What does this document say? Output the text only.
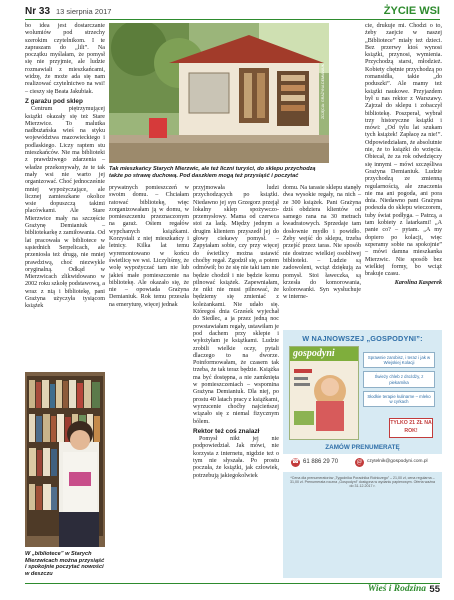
Nr 33 13 sierpnia 2017	ŻYCIE WSI

bo idea jest dostarczanie wolumiów pod strzechy szerokim czytelnikom. I te zapraszam do „lili”. Na początku myślałam, że pomysł się nie przyjmie, ale ludzie rozmawiali z mieszkańcami, widzę, że może ada się nam realizować czytelnictwo na wsi! – cieszy się Beata Jakubiak.

Z garażu pod sklep

Centrum piętrzymującej książki okazały się też Stare Mierzwice. To malutka nadbużańska wieś na styku województwa mazowieckiego i podlaskiego. Liczy raptem stu mieszkańców. Nie ma biblioteki z prawdziwego zdarzenia – władze przekonywały, że te tak mały wsi nie warto jej organizować. Choć jednocześnie mniej wypożyczające, ale licznej zamieszkane okolice wsie dopuszczą takimi placówkami. Ale Stare Mierzwice mały na szczęście Grażynę Demianiuk – bibliotekarkę z zamiłowania. Od lat pracowała w bibliotece w sąsiednich Serpelicach, ale przeniosła też drugą, nie mniej prawdziwą, choć niezwykle oryginalną. Odkąd w Mierzwicach zlikwidowano w 2002 roku szkołę podstawową, a wraz z nią i bibliotekę, pani Grażyna użyczyła tysiącom książek

ZDJĘCIA: GRAŻYNA DEMIANIUK
Tak mieszkańcy Starych Mierzwic, ale też liczni turyści, do sklepu przychodzą także po strawę duchową. Pod daszkiem mogą też przysiąść i poczytać

prywatnych pomieszczeń w swoim domu. – Chciałam ratować bibliotekę, więc zorganizowałam ją w domu, w pomieszczeniu przeznaczonym na garaż. Ośiem regałów wypchanych książkami. Korzystali z niej mieszkańcy i letnicy. Kilka lat temu wyremontowano w końcu świetlicę we wsi. Liczyliśmy, że wolę wypożyczać tam nie lub jakieś małe pomieszczenie na bibliotekę. Ale okazało się, że nie – opowiada Grażyna Demianiuk. Rok temu przeszła na emeryturę, więcej jednak

przyjmowała ludzi przychodzących po książki. Niedawno jej syn Grzegorz przejął lokalny sklep spożywczo-przemysłowy. Mama od czerwca stoi za ladą. Między jednym a drugim klientem przyszedł jej do głowy ciekawy pomysł. – Zapytałam sobie, czy przy więcej do świetlicy można ustawić choćby regał. Zgodził się, a potem odmówił; bo że się nie taki tam nie będzie chodził i nie będzie komu pilnować książek. Zapewniałam, że nikt nie musi pilnować, że będziemy się zmieniać z koleżankami. Nie udało się. Któregoś dnia Grześek wyjechał do Siedlec, a ja przez jedną noc powstawiałam regały, ustawiłam je pod dachem przy sklepie i wyłożyłam je książkami. Ludzie zrobili wielkie oczy, pytali dlaczego to na dworze. Poinformowałam, że czasem tak trzeba, że tak teraz będzie. Książka ma być dostępna, a nie zamknięta w pomieszczeniach – wspomina Grażyna Demianiuk. Dla niej, po prostu 40 latach pracy z książkami, wyrzucenie choćby najcieńszej wiązało się z niemal fizycznym bólem.

Rektor też coś znalazł

Pomysł nikt jej nie podpowiedział. Jak mówi, nie korzysta z internetu, nigdzie też o tym nie słyszała. Po prostu poczuła, że książki, jak człowiek, potrzebują jakiegokolwiek

domu. Na tarasie sklepu stanęły dwa wysokie regały, na nich – ze 300 książek. Pani Grażyna dziś obdziera klientów od samego rana na 30 metrach kwadratowych. Sprzedaje tam dosłownie mydło i powidło. Żeby wejść do sklepu, trzeba przejść przez taras. Nie sposób nie dostrzec wielkiej osobliwej biblioteki. – Ludzie są zadowoleni, wciąż dziękują za pomysł. Stoi ławeczka, są krzesła do komorowania, kolorowanki. Syn wysłuchuje w interne-

cie, drukuje mi. Chodzi o to, żeby zaejcie w naszej „Bibliotece” miały też dzieci. Bez przerwy ktoś wynosi książki, przynosi, wymienia. Przychodzą starsi, młodzież. Kobiety chętnie przychodzą po romansidła, takie „do poduszki”. Ale mamy też książki naukowe. Przyjazdem był u nas rektor z Warszawy. Zajrzał do sklepu i zobaczył bibliotekę. Poszperał, wybrał trzy historyczne książki i mówi: „Od tylu lat szukam tych książek! Zapłacę za nie!”. Odpowiedziałam, że absolutnie nie, że to książki do wzięcia. Obiecał, że za rok odwdzięczy się innymi – mówi szczęśliwa Grażyna Demianiuk. Ludzie przychodzą ze zmienną regularnością, ale znaczenia nie ma ani pogoda, ani pora dnia. Niedawno pani Grażyna podeszła do sklepu wieczorem, tuby świat podłyga. – Patrzą, a tam kobiety z latarkami! „A panie co? – pytam. „A my dopiero po kolacji, więc szperamy sobie na spokojnie” – mówi damna mieszkanka Mierzwic. Nie sposób bez wielkiej formy, bo wciąż brakuje czasu.

Karolina Kasperek
W „bibliotece” w Starych Mierzwicach można przysiąść i spokojnie poczytać nowości w deszczu
W NAJNOWSZEJ „GOSPODYNI”:
gospodyni	Sprawnie zarobisz, i teraz i jak w Wiejskiej Kolacji
Świeży chleb z drożdży, z piekarnika
Słodkie terapie kulinarne – mleko w cyrkach
TYLKO 21 ZŁ NA ROK!
ZAMÓW PRENUMERATĘ
☎ 61 886 29 70	@ czytelnik@gospodyni.com.pl
*Cena dla prenumeratorów „Tygodnika Poradnika Rolniczego” – 21,00 zł, cena regularna – 31,00 zł. Prenumerata roczna „Gospodyni” dostępna w wydaniu papierowym. Oferta ważna do 31.12.2017 r.
Wieś i Rodzina 55
